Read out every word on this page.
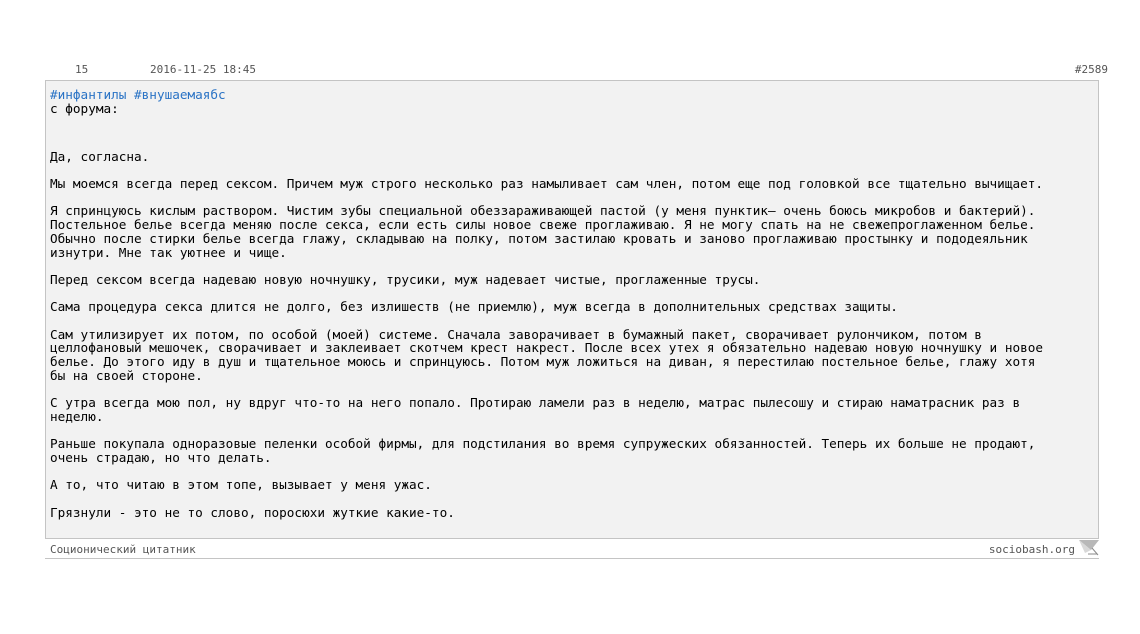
15	2016-11-25 18:45	#2589
#инфантилы #внушаемаябс
с форума:
Да, согласна.
Мы моемся всегда перед сексом. Причем муж строго несколько раз намыливает сам член, потом еще под головкой все тщательно вычищает.
Я спринцуюсь кислым раствором. Чистим зубы специальной обеззараживающей пастой (у меня пунктик– очень боюсь микробов и бактерий).
Постельное белье всегда меняю после секса, если есть силы новое свеже проглаживаю. Я не могу спать на не свежепроглаженном белье.
Обычно после стирки белье всегда глажу, складываю на полку, потом застилаю кровать и заново проглаживаю простынку и пододеяльник
изнутри. Мне так уютнее и чище.
Перед сексом всегда надеваю новую ночнушку, трусики, муж надевает чистые, проглаженные трусы.
Сама процедура секса длится не долго, без излишеств (не приемлю), муж всегда в дополнительных средствах защиты.
Сам утилизирует их потом, по особой (моей) системе. Сначала заворачивает в бумажный пакет, сворачивает рулончиком, потом в
целлофановый мешочек, сворачивает и заклеивает скотчем крест накрест. После всех утех я обязательно надеваю новую ночнушку и новое
белье. До этого иду в душ и тщательное моюсь и спринцуюсь. Потом муж ложиться на диван, я перестилаю постельное белье, глажу хотя
бы на своей стороне.
С утра всегда мою пол, ну вдруг что-то на него попало. Протираю ламели раз в неделю, матрас пылесошу и стираю наматрасник раз в
неделю.
Раньше покупала одноразовые пеленки особой фирмы, для подстилания во время супружеских обязанностей. Теперь их больше не продают,
очень страдаю, но что делать.
А то, что читаю в этом топе, вызывает у меня ужас.
Грязнули - это не то слово, поросюхи жуткие какие-то.
Соционический цитатник	sociobash.org
